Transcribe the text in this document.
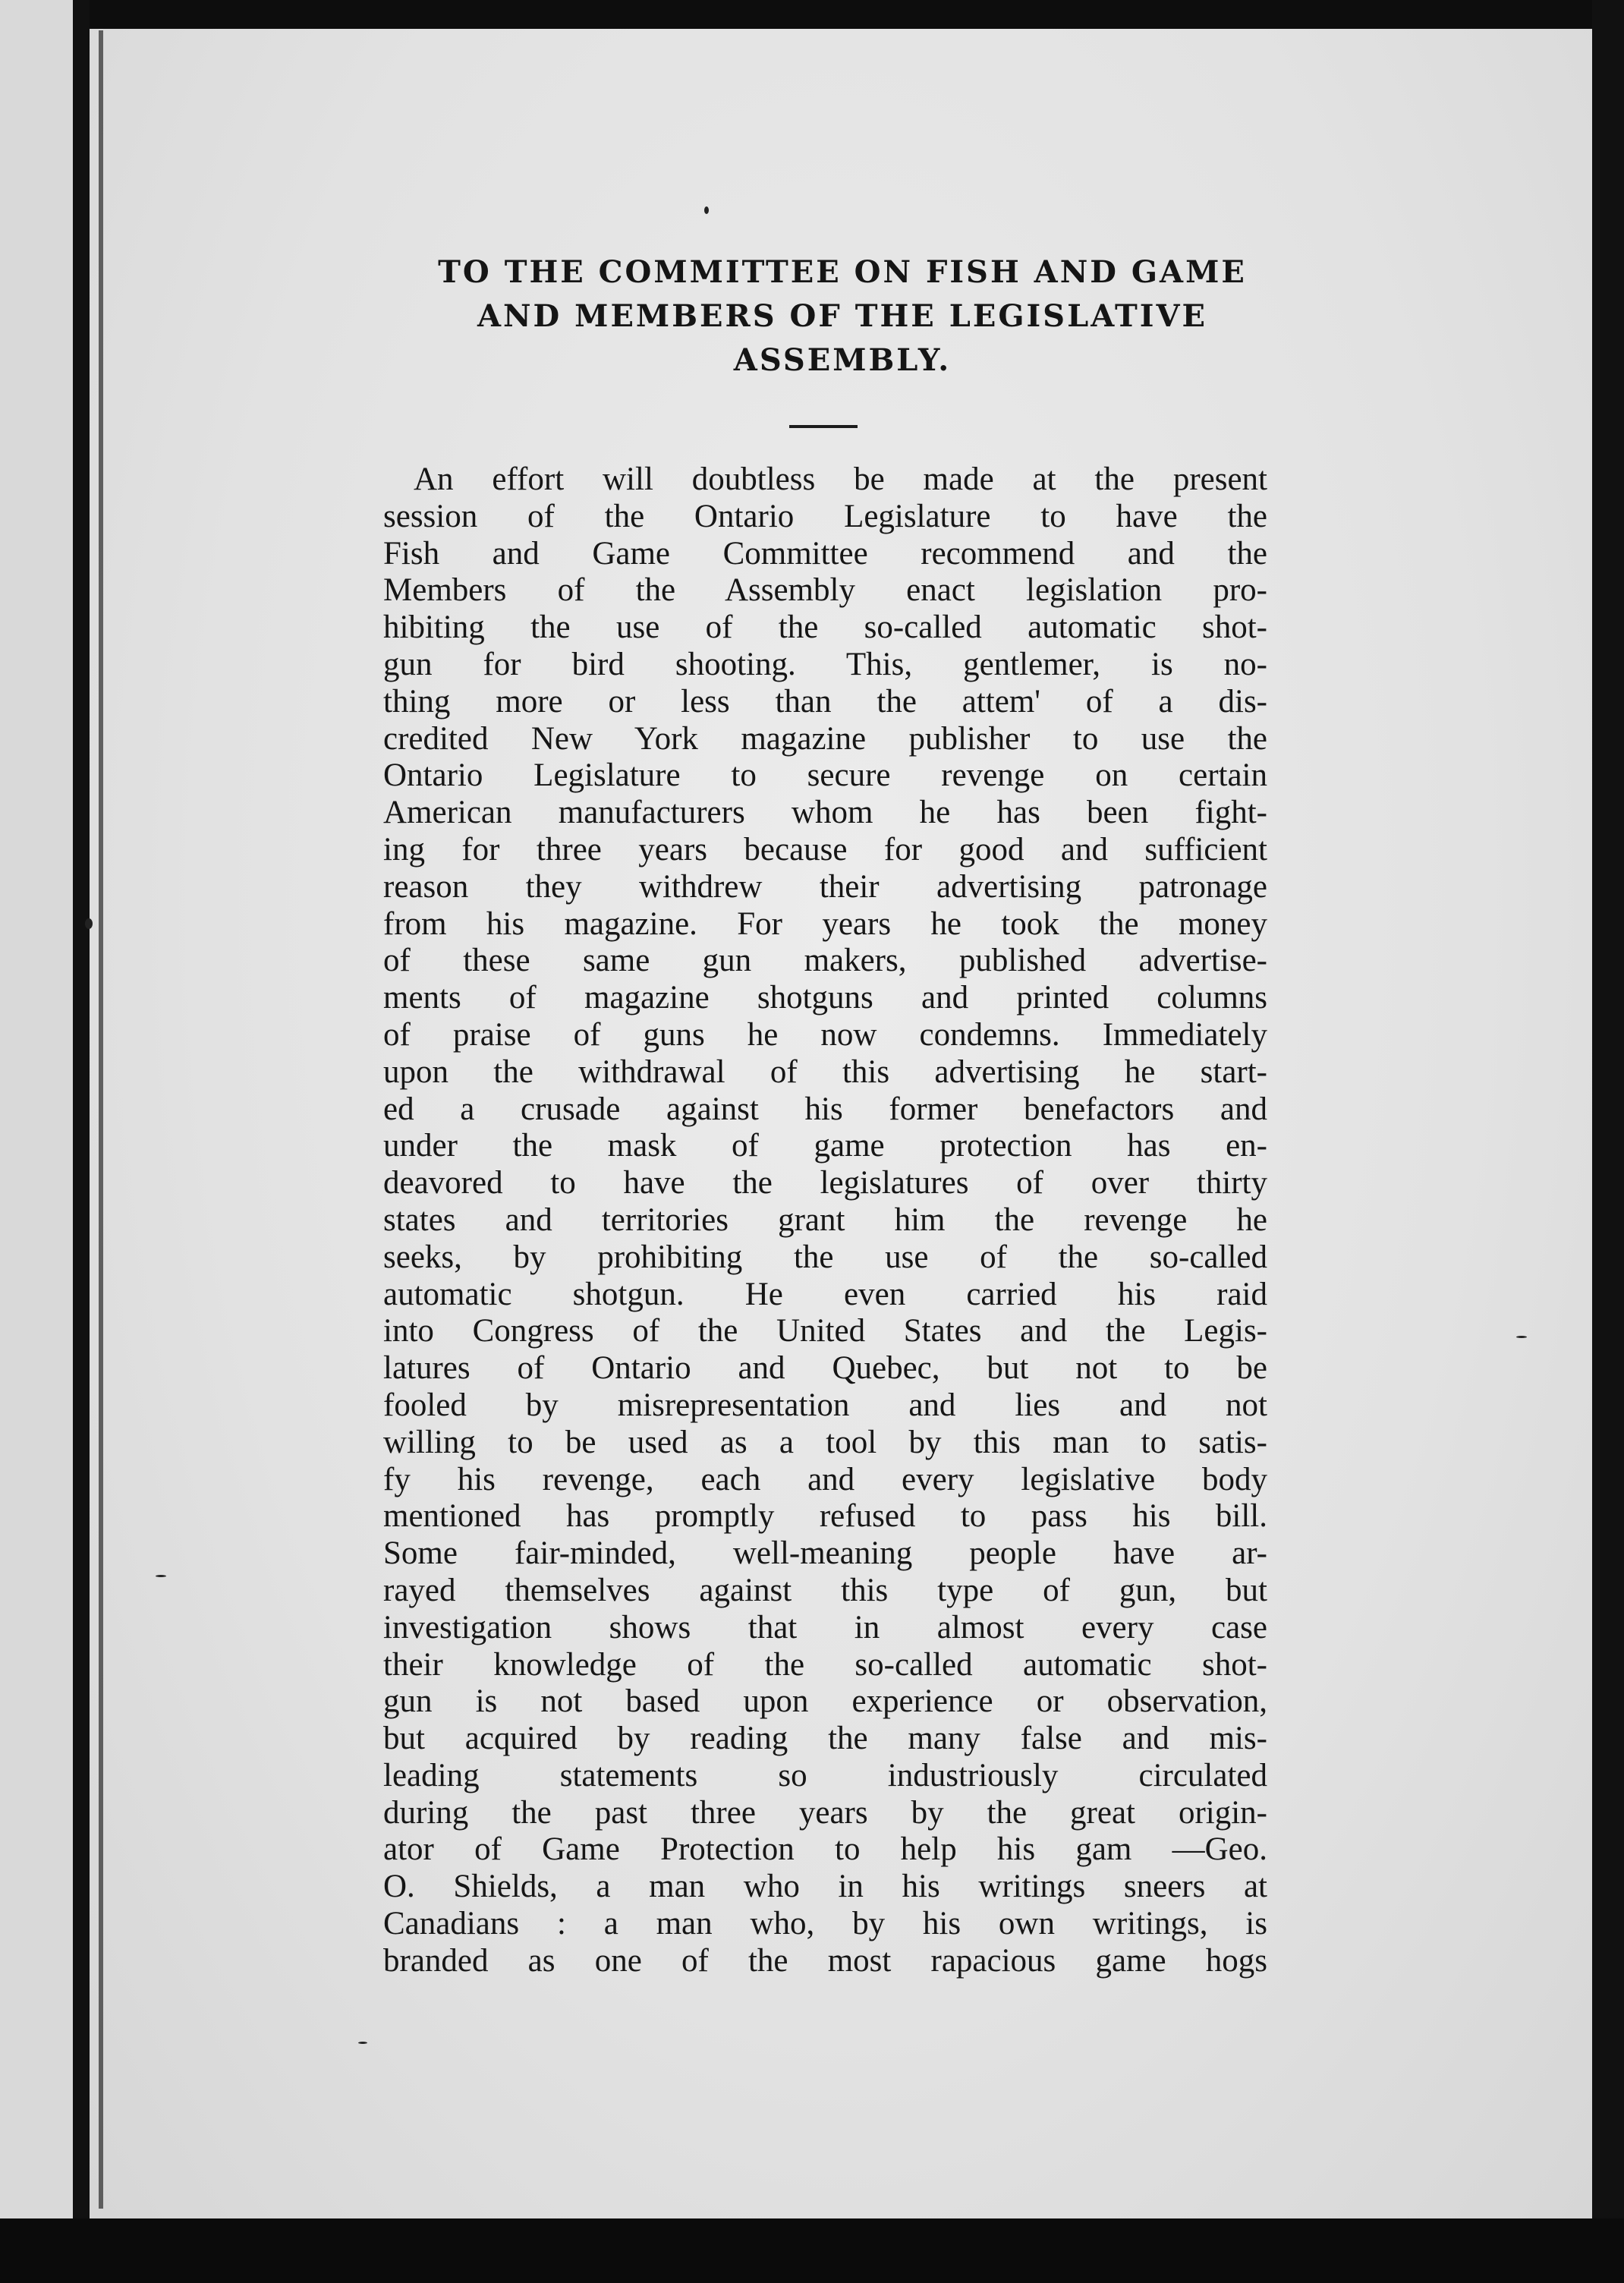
TO THE COMMITTEE ON FISH AND GAME
AND MEMBERS OF THE LEGISLATIVE
ASSEMBLY.
An effort will doubtless be made at the present
session of the Ontario Legislature to have the
Fish and Game Committee recommend and the
Members of the Assembly enact legislation pro-
hibiting the use of the so-called automatic shot-
gun for bird shooting. This, gentlemer, is no-
thing more or less than the attem' of a dis-
credited New York magazine publisher to use the
Ontario Legislature to secure revenge on certain
American manufacturers whom he has been fight-
ing for three years because for good and sufficient
reason they withdrew their advertising patronage
from his magazine. For years he took the money
of these same gun makers, published advertise-
ments of magazine shotguns and printed columns
of praise of guns he now condemns. Immediately
upon the withdrawal of this advertising he start-
ed a crusade against his former benefactors and
under the mask of game protection has en-
deavored to have the legislatures of over thirty
states and territories grant him the revenge he
seeks, by prohibiting the use of the so-called
automatic shotgun. He even carried his raid
into Congress of the United States and the Legis-
latures of Ontario and Quebec, but not to be
fooled by misrepresentation and lies and not
willing to be used as a tool by this man to satis-
fy his revenge, each and every legislative body
mentioned has promptly refused to pass his bill.
Some fair-minded, well-meaning people have ar-
rayed themselves against this type of gun, but
investigation shows that in almost every case
their knowledge of the so-called automatic shot-
gun is not based upon experience or observation,
but acquired by reading the many false and mis-
leading statements so industriously circulated
during the past three years by the great origin-
ator of Game Protection to help his gam —Geo.
O. Shields, a man who in his writings sneers at
Canadians : a man who, by his own writings, is
branded as one of the most rapacious game hogs
